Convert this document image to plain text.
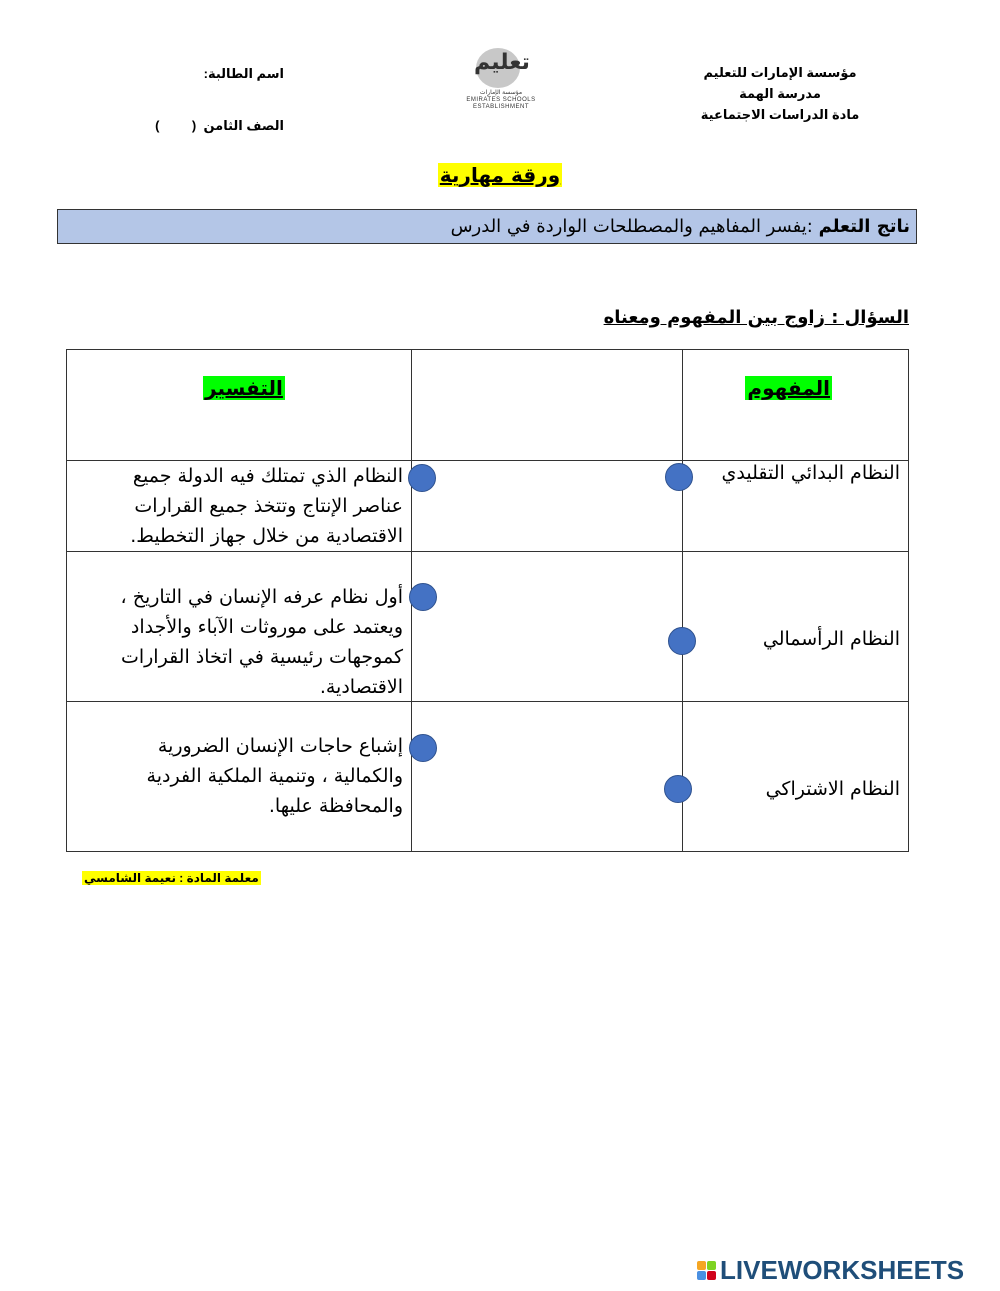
مؤسسة الإمارات للتعليم
مدرسة الهمة
مادة الدراسات الاجتماعية
تعليم
مؤسسة الإمارات
EMIRATES SCHOOLS
ESTABLISHMENT
اسم الطالبة:
الصف الثامن  (         )
ورقة مهارية
ناتج التعلم :يفسر المفاهيم والمصطلحات الواردة في الدرس
السؤال : زاوج بين المفهوم ومعناه
المفهوم
التفسير
النظام البدائي التقليدي
النظام الرأسمالي
النظام الاشتراكي
النظام الذي تمتلك فيه الدولة جميع عناصر الإنتاج وتتخذ جميع القرارات الاقتصادية من خلال جهاز التخطيط.
أول نظام عرفه الإنسان في التاريخ ، ويعتمد على موروثات الآباء والأجداد كموجهات رئيسية في اتخاذ القرارات الاقتصادية.
إشباع حاجات الإنسان الضرورية والكمالية ، وتنمية الملكية الفردية والمحافظة عليها.
معلمة المادة : نعيمة الشامسي
LIVEWORKSHEETS
